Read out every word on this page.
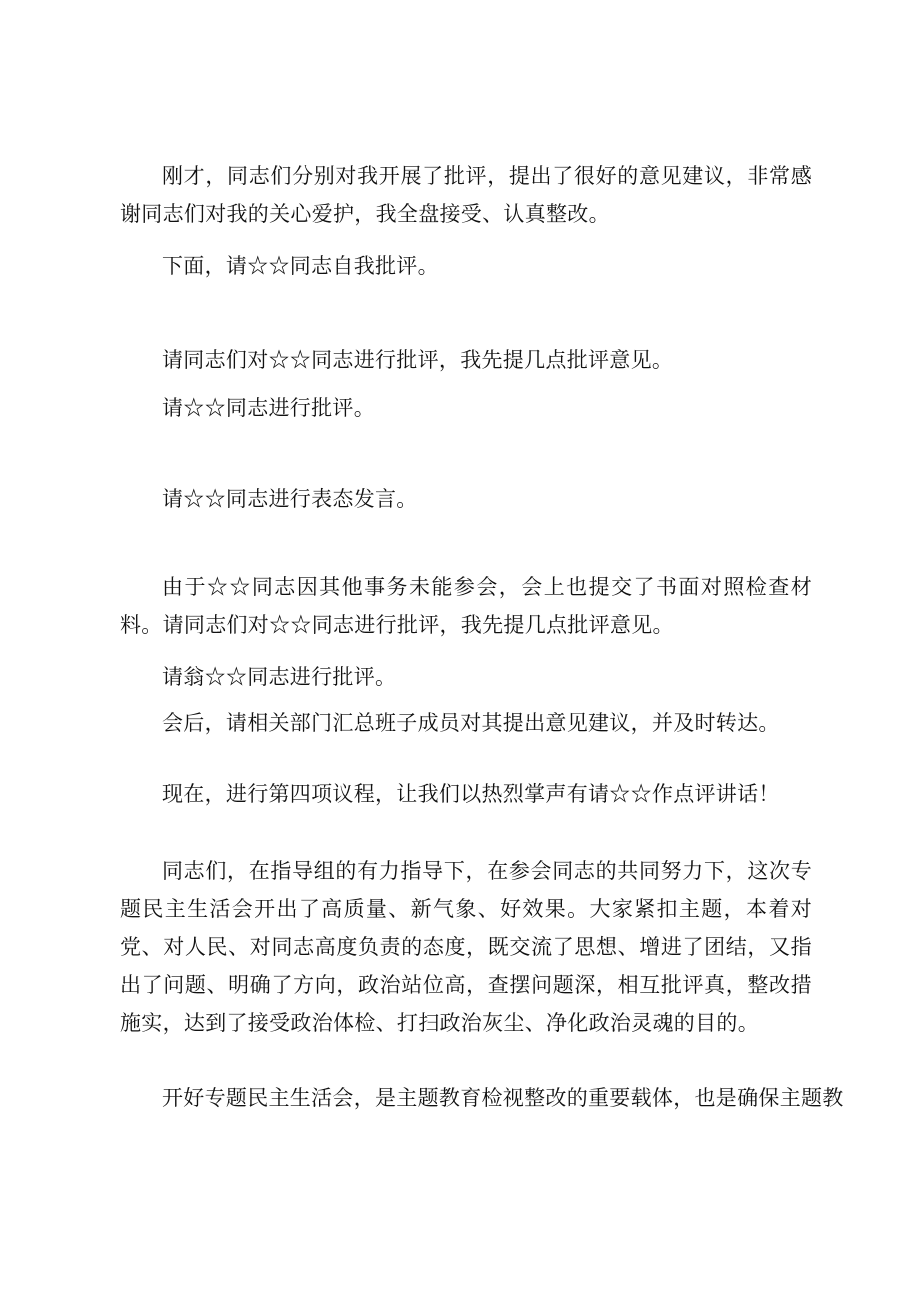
刚才，同志们分别对我开展了批评，提出了很好的意见建议，非常感谢同志们对我的关心爱护，我全盘接受、认真整改。

下面，请☆☆同志自我批评。

请同志们对☆☆同志进行批评，我先提几点批评意见。

请☆☆同志进行批评。

请☆☆同志进行表态发言。

由于☆☆同志因其他事务未能参会，会上也提交了书面对照检查材料。请同志们对☆☆同志进行批评，我先提几点批评意见。

请翁☆☆同志进行批评。

会后，请相关部门汇总班子成员对其提出意见建议，并及时转达。

现在，进行第四项议程，让我们以热烈掌声有请☆☆作点评讲话！

同志们，在指导组的有力指导下，在参会同志的共同努力下，这次专题民主生活会开出了高质量、新气象、好效果。大家紧扣主题，本着对党、对人民、对同志高度负责的态度，既交流了思想、增进了团结，又指出了问题、明确了方向，政治站位高，查摆问题深，相互批评真，整改措施实，达到了接受政治体检、打扫政治灰尘、净化政治灵魂的目的。

开好专题民主生活会，是主题教育检视整改的重要载体，也是确保主题教
